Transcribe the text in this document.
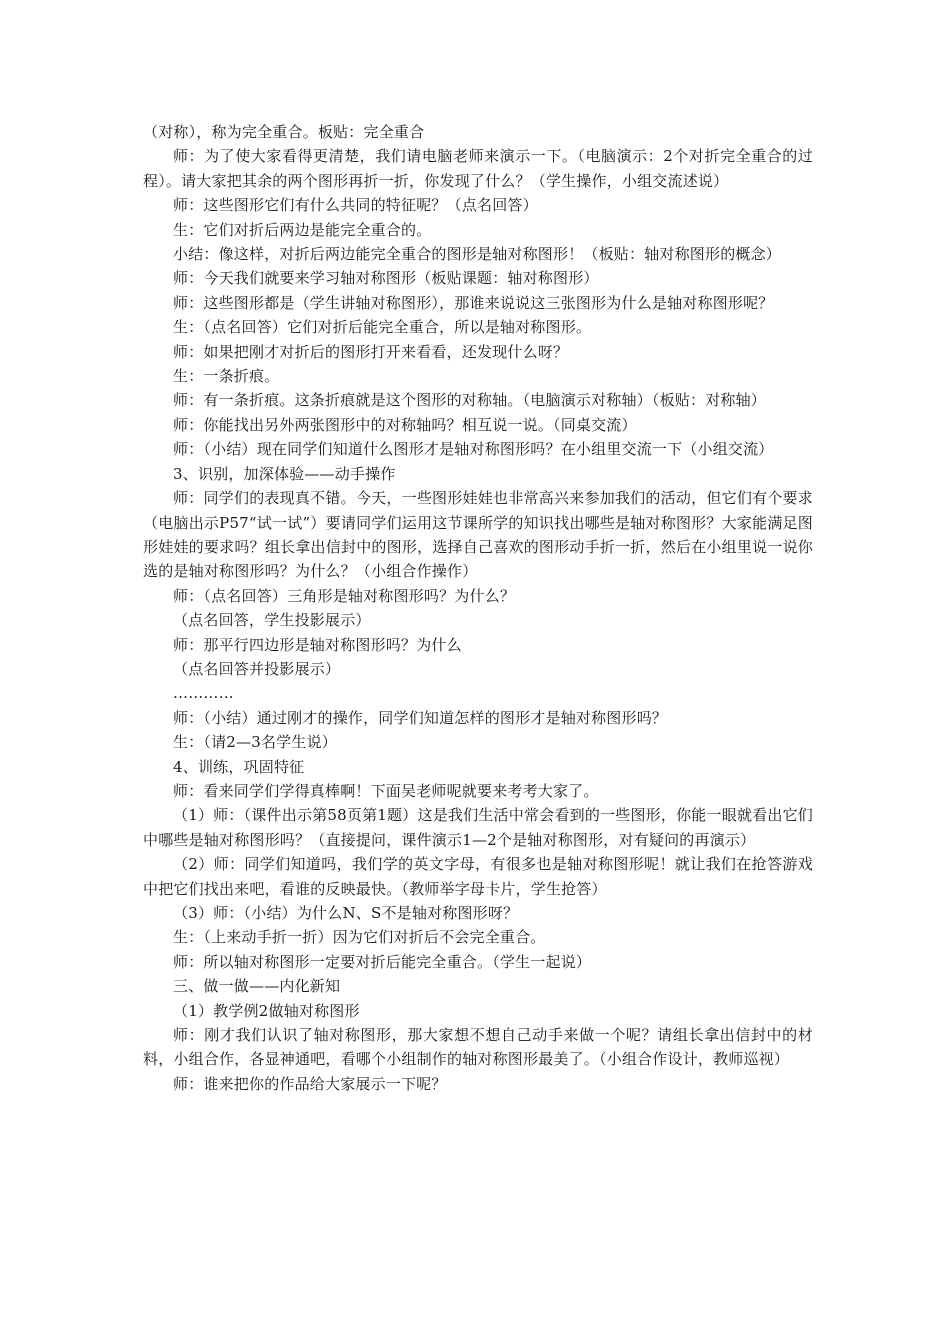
（对称），称为完全重合。板贴：完全重合

师：为了使大家看得更清楚，我们请电脑老师来演示一下。（电脑演示：2个对折完全重合的过程）。请大家把其余的两个图形再折一折，你发现了什么？（学生操作，小组交流述说）

师：这些图形它们有什么共同的特征呢？（点名回答）

生：它们对折后两边是能完全重合的。

小结：像这样，对折后两边能完全重合的图形是轴对称图形！（板贴：轴对称图形的概念）

师：今天我们就要来学习轴对称图形（板贴课题：轴对称图形）

师：这些图形都是（学生讲轴对称图形），那谁来说说这三张图形为什么是轴对称图形呢？

生：（点名回答）它们对折后能完全重合，所以是轴对称图形。

师：如果把刚才对折后的图形打开来看看，还发现什么呀？

生：一条折痕。

师：有一条折痕。这条折痕就是这个图形的对称轴。（电脑演示对称轴）（板贴：对称轴）

师：你能找出另外两张图形中的对称轴吗？相互说一说。（同桌交流）

师：（小结）现在同学们知道什么图形才是轴对称图形吗？在小组里交流一下（小组交流）

3、识别，加深体验——动手操作

师：同学们的表现真不错。今天，一些图形娃娃也非常高兴来参加我们的活动，但它们有个要求（电脑出示P57“试一试”）要请同学们运用这节课所学的知识找出哪些是轴对称图形？大家能满足图形娃娃的要求吗？组长拿出信封中的图形，选择自己喜欢的图形动手折一折，然后在小组里说一说你选的是轴对称图形吗？为什么？（小组合作操作）

师：（点名回答）三角形是轴对称图形吗？为什么？

（点名回答，学生投影展示）

师：那平行四边形是轴对称图形吗？为什么

（点名回答并投影展示）

…………

师：（小结）通过刚才的操作，同学们知道怎样的图形才是轴对称图形吗？

生：（请2—3名学生说）

4、训练，巩固特征

师：看来同学们学得真棒啊！下面吴老师呢就要来考考大家了。

（1）师：（课件出示第58页第1题）这是我们生活中常会看到的一些图形，你能一眼就看出它们中哪些是轴对称图形吗？（直接提问，课件演示1—2个是轴对称图形，对有疑问的再演示）

（2）师：同学们知道吗，我们学的英文字母，有很多也是轴对称图形呢！就让我们在抢答游戏中把它们找出来吧，看谁的反映最快。（教师举字母卡片，学生抢答）

（3）师：（小结）为什么N、S不是轴对称图形呀？

生：（上来动手折一折）因为它们对折后不会完全重合。

师：所以轴对称图形一定要对折后能完全重合。（学生一起说）

三、做一做——内化新知

（1）教学例2做轴对称图形

师：刚才我们认识了轴对称图形，那大家想不想自己动手来做一个呢？请组长拿出信封中的材料，小组合作，各显神通吧，看哪个小组制作的轴对称图形最美了。（小组合作设计，教师巡视）

师：谁来把你的作品给大家展示一下呢？
